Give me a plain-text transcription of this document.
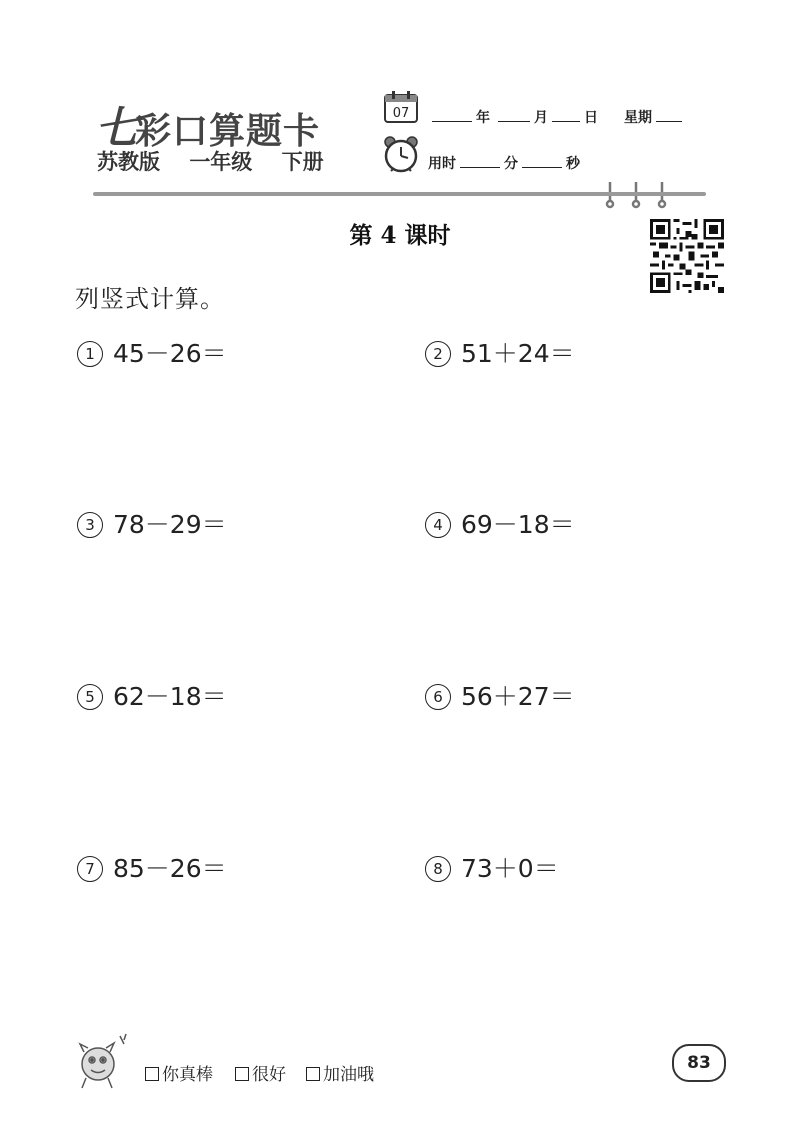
七彩口算题卡
苏教版 一年级 下册
07	年	月	日 星期
用时	分	秒
第 4 课时
列竖式计算。
1 45－26＝	2 51＋24＝
3 78－29＝	4 69－18＝
5 62－18＝	6 56＋27＝
7 85－26＝	8 73＋0＝
你真棒	很好	加油哦
83
